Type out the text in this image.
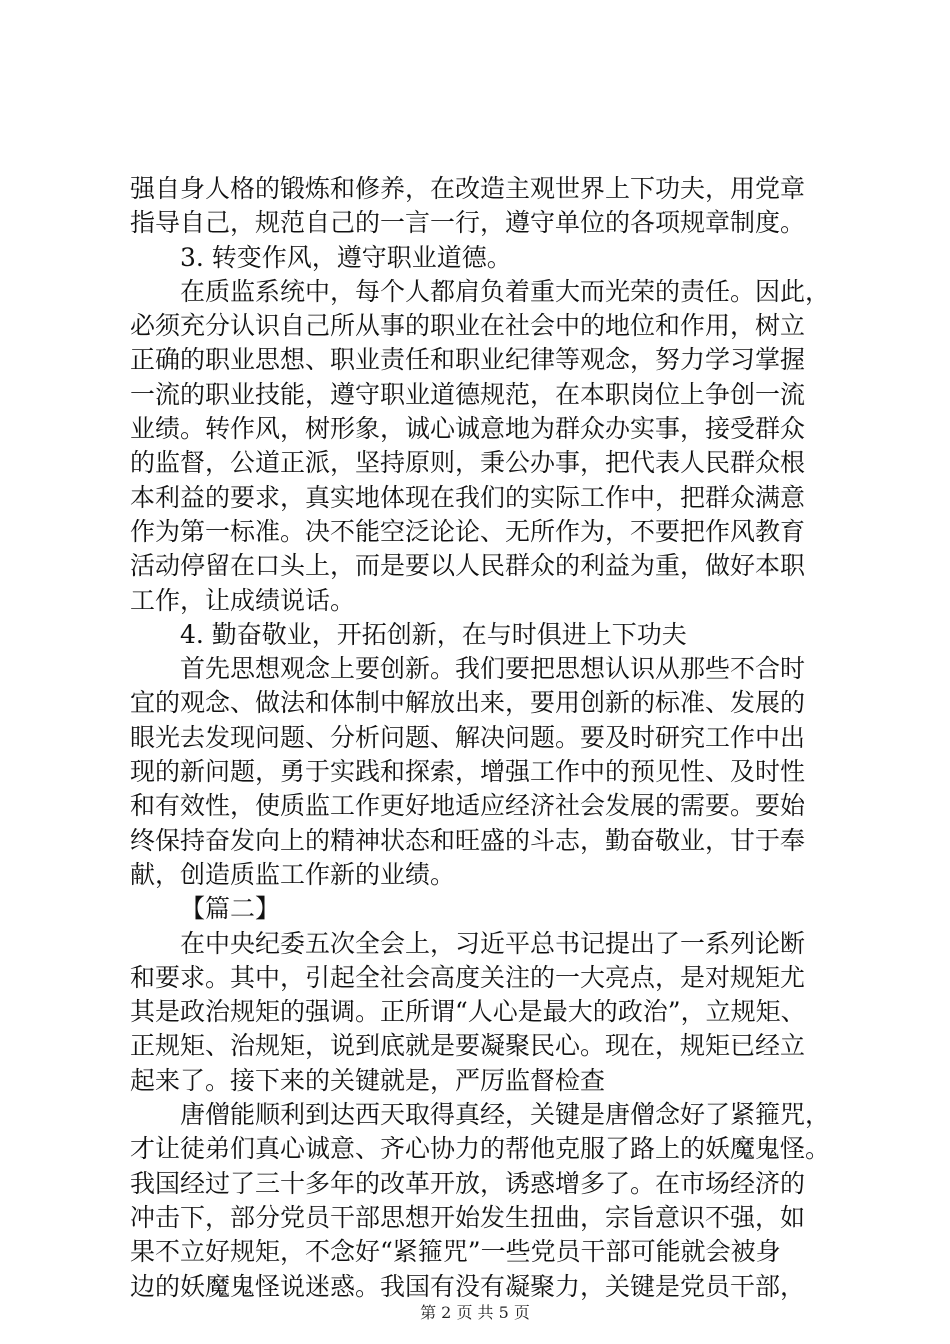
强自身人格的锻炼和修养，在改造主观世界上下功夫，用党章
指导自己，规范自己的一言一行，遵守单位的各项规章制度。
3. 转变作风，遵守职业道德。
在质监系统中，每个人都肩负着重大而光荣的责任。因此，
必须充分认识自己所从事的职业在社会中的地位和作用，树立
正确的职业思想、职业责任和职业纪律等观念，努力学习掌握
一流的职业技能，遵守职业道德规范，在本职岗位上争创一流
业绩。转作风，树形象，诚心诚意地为群众办实事，接受群众
的监督，公道正派，坚持原则，秉公办事，把代表人民群众根
本利益的要求，真实地体现在我们的实际工作中，把群众满意
作为第一标准。决不能空泛论论、无所作为，不要把作风教育
活动停留在口头上，而是要以人民群众的利益为重，做好本职
工作，让成绩说话。
4. 勤奋敬业，开拓创新，在与时俱进上下功夫
首先思想观念上要创新。我们要把思想认识从那些不合时
宜的观念、做法和体制中解放出来，要用创新的标准、发展的
眼光去发现问题、分析问题、解决问题。要及时研究工作中出
现的新问题，勇于实践和探索，增强工作中的预见性、及时性
和有效性，使质监工作更好地适应经济社会发展的需要。要始
终保持奋发向上的精神状态和旺盛的斗志，勤奋敬业，甘于奉
献，创造质监工作新的业绩。
【篇二】
在中央纪委五次全会上，习近平总书记提出了一系列论断
和要求。其中，引起全社会高度关注的一大亮点，是对规矩尤
其是政治规矩的强调。正所谓“人心是最大的政治”，立规矩、
正规矩、治规矩，说到底就是要凝聚民心。现在，规矩已经立
起来了。接下来的关键就是，严厉监督检查
唐僧能顺利到达西天取得真经，关键是唐僧念好了紧箍咒，
才让徒弟们真心诚意、齐心协力的帮他克服了路上的妖魔鬼怪。
我国经过了三十多年的改革开放，诱惑增多了。在市场经济的
冲击下，部分党员干部思想开始发生扭曲，宗旨意识不强，如
果不立好规矩，不念好“紧箍咒”一些党员干部可能就会被身
边的妖魔鬼怪说迷惑。我国有没有凝聚力，关键是党员干部，
第 2 页 共 5 页
